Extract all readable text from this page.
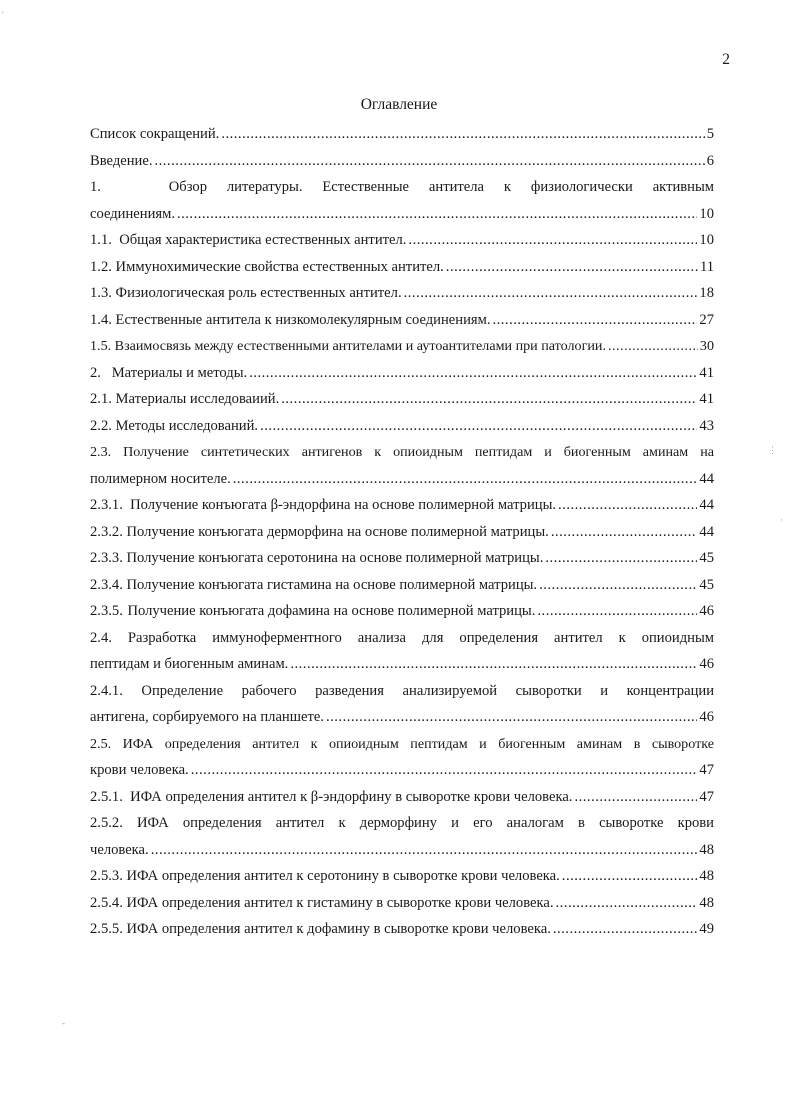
2
Оглавление
Список сокращений. .....	5
Введение. .....	6
1.	Обзор литературы. Естественные антитела к физиологически активным
соединениям. .....	10
1.1.  Общая характеристика естественных антител. .....	10
1.2. Иммунохимические свойства естественных антител. .....	11
1.3. Физиологическая роль естественных антител. .....	18
1.4. Естественные антитела к низкомолекулярным соединениям. .....	27
1.5. Взаимосвязь между естественными антителами и аутоантителами при патологии. .....	30
2. Материалы и методы. .....	41
2.1. Материалы исследоваиий. .....	41
2.2. Методы исследований. .....	43
2.3. Получение синтетических антигенов к опиоидным пептидам и биогенным аминам на
полимерном носителе. .....	44
2.3.1.  Получение конъюгата β-эндорфина на основе полимерной матрицы. .....	44
2.3.2. Получение конъюгата дерморфина на основе полимерной матрицы. .....	44
2.3.3. Получение конъюгата серотонина на основе полимерной матрицы. .....	45
2.3.4. Получение конъюгата гистамина на основе полимерной матрицы. .....	45
2.3.5. Получение конъюгата дофамина на основе полимерной матрицы. .....	46
2.4. Разработка иммуноферментного анализа для определения антител к опиоидным
пептидам и биогенным аминам. .....	46
2.4.1. Определение рабочего разведения анализируемой сыворотки и концентрации
антигена, сорбируемого на планшете. .....	46
2.5. ИФА определения антител к опиоидным пептидам и биогенным аминам в сыворотке
крови человека. .....	47
2.5.1.  ИФА определения антител к β-эндорфину в сыворотке крови человека. .....	47
2.5.2. ИФА определения антител к дерморфину и его аналогам в сыворотке крови
человека. .....	48
2.5.3. ИФА определения антител к серотонину в сыворотке крови человека. .....	48
2.5.4. ИФА определения антител к гистамину в сыворотке крови человека. .....	48
2.5.5. ИФА определения антител к дофамину в сыворотке крови человека. .....	49
'
⋮
·
-
